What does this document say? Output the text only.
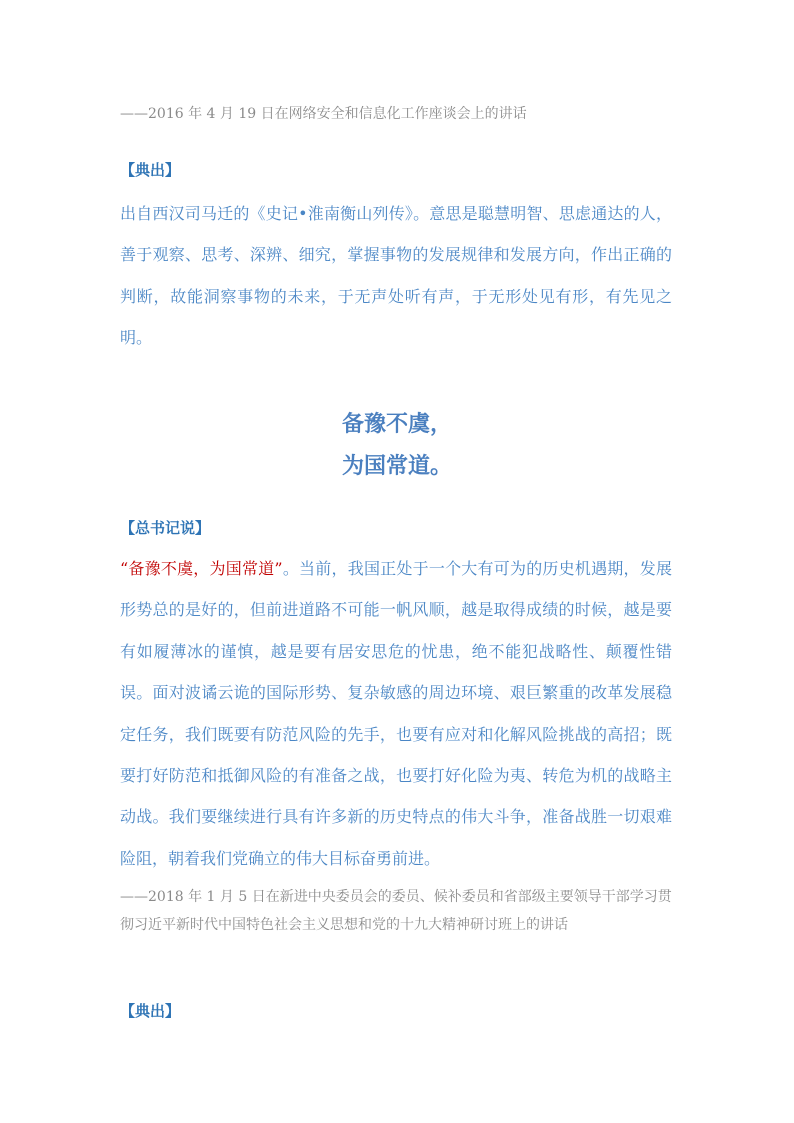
——2016 年 4 月 19 日在网络安全和信息化工作座谈会上的讲话
【典出】
出自西汉司马迁的《史记•淮南衡山列传》。意思是聪慧明智、思虑通达的人，善于观察、思考、深辨、细究，掌握事物的发展规律和发展方向，作出正确的判断，故能洞察事物的未来，于无声处听有声，于无形处见有形，有先见之明。
备豫不虞，
为国常道。
【总书记说】
“备豫不虞，为国常道”。当前，我国正处于一个大有可为的历史机遇期，发展形势总的是好的，但前进道路不可能一帆风顺，越是取得成绩的时候，越是要有如履薄冰的谨慎，越是要有居安思危的忧患，绝不能犯战略性、颠覆性错误。面对波谲云诡的国际形势、复杂敏感的周边环境、艰巨繁重的改革发展稳定任务，我们既要有防范风险的先手，也要有应对和化解风险挑战的高招；既要打好防范和抵御风险的有准备之战，也要打好化险为夷、转危为机的战略主动战。我们要继续进行具有许多新的历史特点的伟大斗争，准备战胜一切艰难险阻，朝着我们党确立的伟大目标奋勇前进。
——2018 年 1 月 5 日在新进中央委员会的委员、候补委员和省部级主要领导干部学习贯彻习近平新时代中国特色社会主义思想和党的十九大精神研讨班上的讲话
【典出】
